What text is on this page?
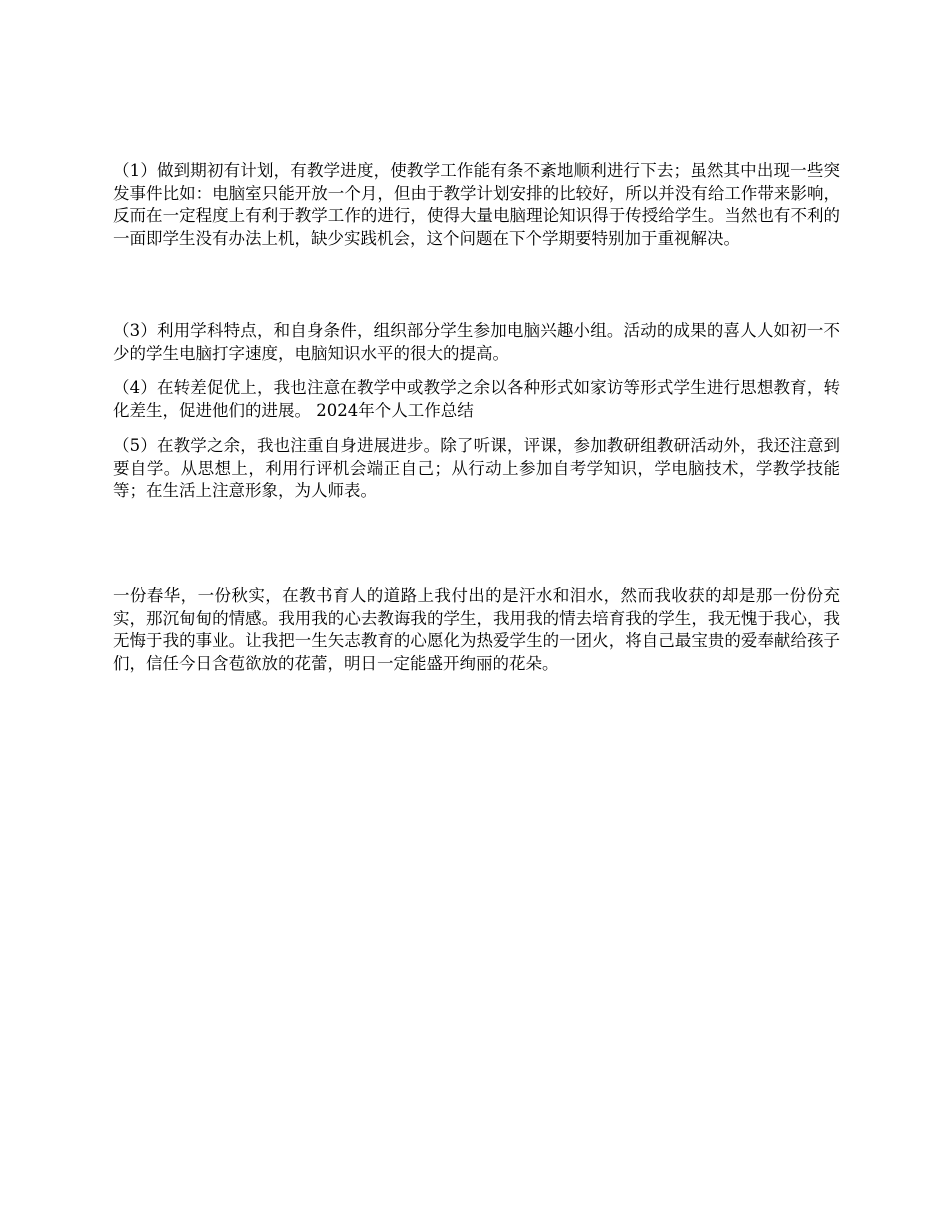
（1）做到期初有计划，有教学进度，使教学工作能有条不紊地顺利进行下去；虽然其中出现一些突发事件比如：电脑室只能开放一个月，但由于教学计划安排的比较好，所以并没有给工作带来影响，反而在一定程度上有利于教学工作的进行，使得大量电脑理论知识得于传授给学生。当然也有不利的一面即学生没有办法上机，缺少实践机会，这个问题在下个学期要特别加于重视解决。

（3）利用学科特点，和自身条件，组织部分学生参加电脑兴趣小组。活动的成果的喜人人如初一不少的学生电脑打字速度，电脑知识水平的很大的提高。

（4）在转差促优上，我也注意在教学中或教学之余以各种形式如家访等形式学生进行思想教育，转化差生，促进他们的进展。 2024年个人工作总结

（5）在教学之余，我也注重自身进展进步。除了听课，评课，参加教研组教研活动外，我还注意到要自学。从思想上，利用行评机会端正自己；从行动上参加自考学知识，学电脑技术，学教学技能等；在生活上注意形象，为人师表。

一份春华，一份秋实，在教书育人的道路上我付出的是汗水和泪水，然而我收获的却是那一份份充实，那沉甸甸的情感。我用我的心去教诲我的学生，我用我的情去培育我的学生，我无愧于我心，我无悔于我的事业。让我把一生矢志教育的心愿化为热爱学生的一团火，将自己最宝贵的爱奉献给孩子们，信任今日含苞欲放的花蕾，明日一定能盛开绚丽的花朵。
